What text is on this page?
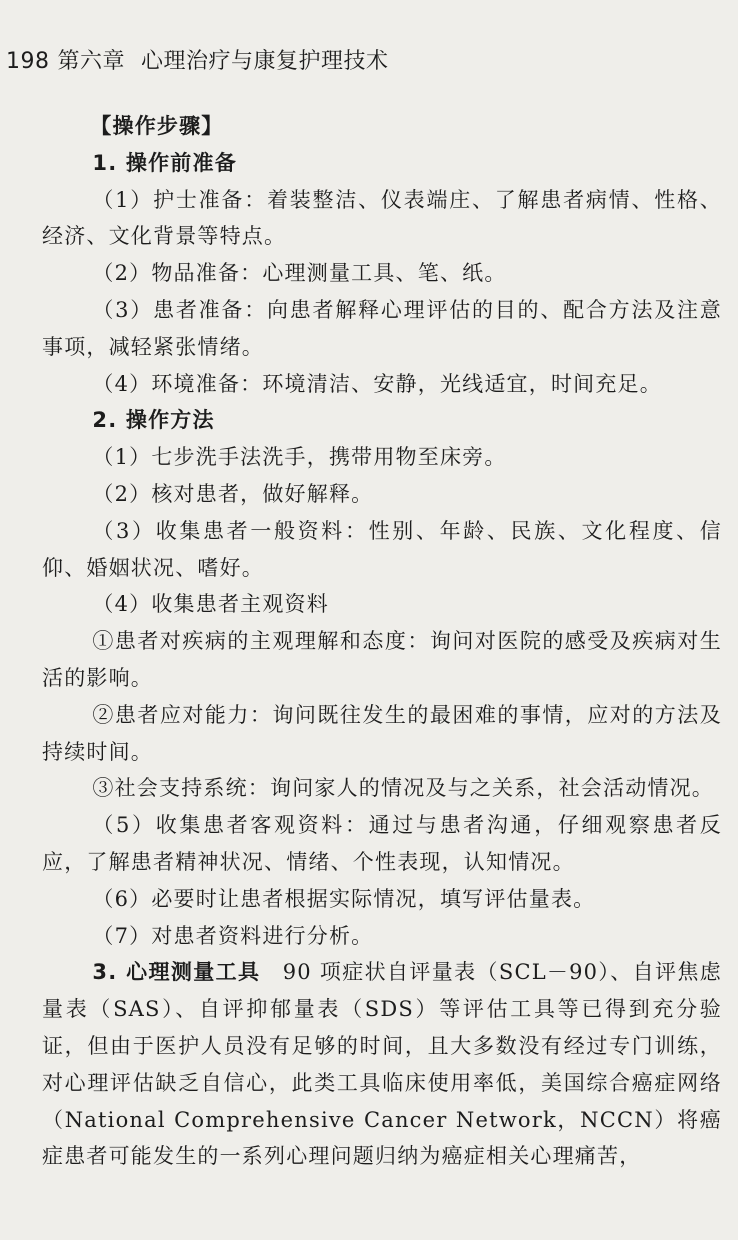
198 第六章 心理治疗与康复护理技术

【操作步骤】

1. 操作前准备

（1）护士准备：着装整洁、仪表端庄、了解患者病情、性格、经济、文化背景等特点。

（2）物品准备：心理测量工具、笔、纸。

（3）患者准备：向患者解释心理评估的目的、配合方法及注意事项，减轻紧张情绪。

（4）环境准备：环境清洁、安静，光线适宜，时间充足。

2. 操作方法

（1）七步洗手法洗手，携带用物至床旁。

（2）核对患者，做好解释。

（3）收集患者一般资料：性别、年龄、民族、文化程度、信仰、婚姻状况、嗜好。

（4）收集患者主观资料

①患者对疾病的主观理解和态度：询问对医院的感受及疾病对生活的影响。

②患者应对能力：询问既往发生的最困难的事情，应对的方法及持续时间。

③社会支持系统：询问家人的情况及与之关系，社会活动情况。

（5）收集患者客观资料：通过与患者沟通，仔细观察患者反应，了解患者精神状况、情绪、个性表现，认知情况。

（6）必要时让患者根据实际情况，填写评估量表。

（7）对患者资料进行分析。

3. 心理测量工具　 90 项症状自评量表（SCL－90）、自评焦虑量表（SAS）、自评抑郁量表（SDS）等评估工具等已得到充分验证，但由于医护人员没有足够的时间，且大多数没有经过专门训练，对心理评估缺乏自信心，此类工具临床使用率低，美国综合癌症网络（National Comprehensive Cancer Network，NCCN）将癌症患者可能发生的一系列心理问题归纳为癌症相关心理痛苦，
